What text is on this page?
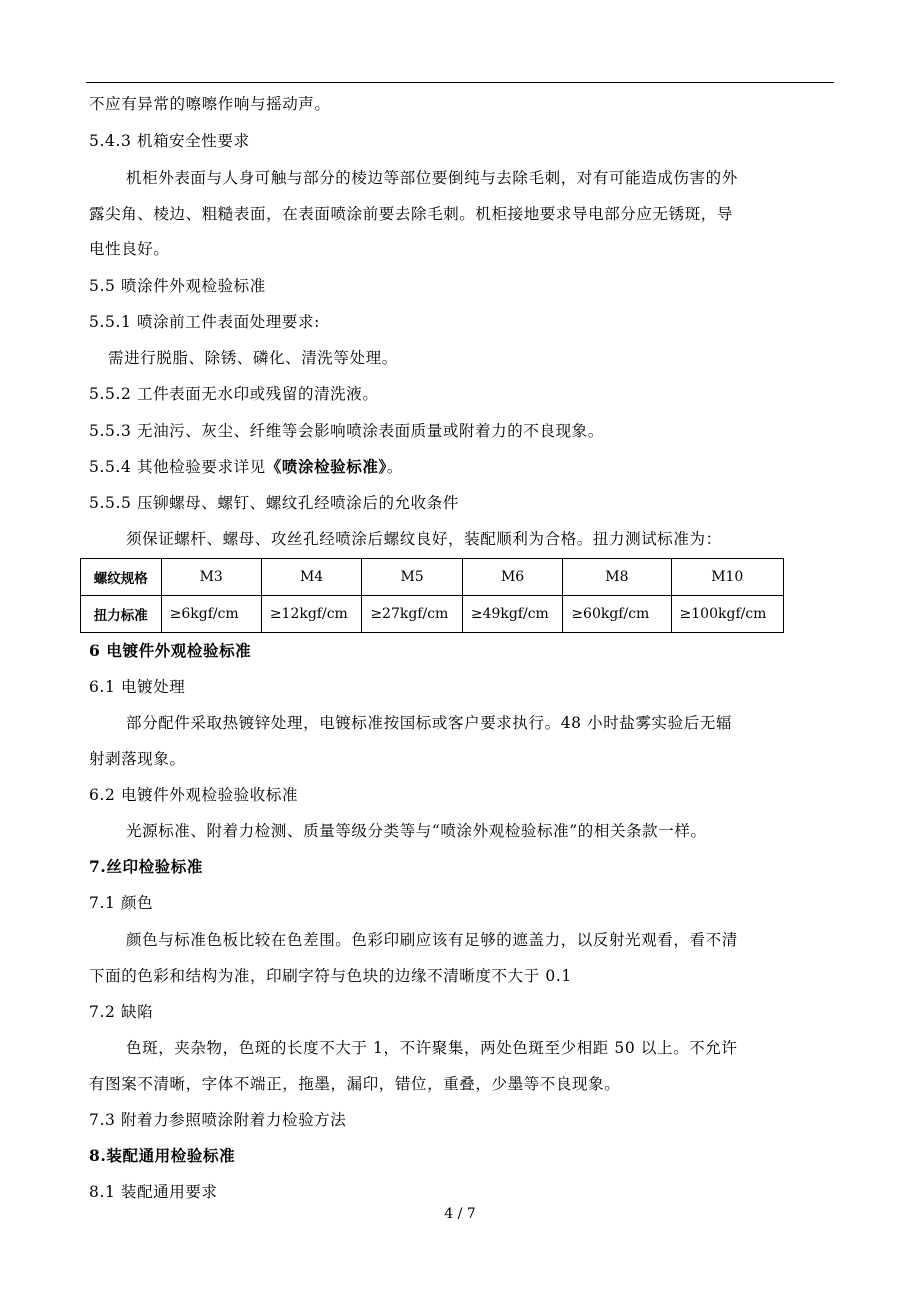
不应有异常的嚓嚓作响与摇动声。
5.4.3 机箱安全性要求
机柜外表面与人身可触与部分的棱边等部位要倒纯与去除毛刺，对有可能造成伤害的外
露尖角、棱边、粗糙表面，在表面喷涂前要去除毛刺。机柜接地要求导电部分应无锈斑，导
电性良好。
5.5 喷涂件外观检验标准
5.5.1 喷涂前工件表面处理要求:
需进行脱脂、除锈、磷化、清洗等处理。
5.5.2 工件表面无水印或残留的清洗液。
5.5.3 无油污、灰尘、纤维等会影响喷涂表面质量或附着力的不良现象。
5.5.4 其他检验要求详见《喷涂检验标准》。
5.5.5 压铆螺母、螺钉、螺纹孔经喷涂后的允收条件
须保证螺杆、螺母、攻丝孔经喷涂后螺纹良好，装配顺利为合格。扭力测试标准为：
螺纹规格	M3	M4	M5	M6	M8	M10
扭力标准	≥6kgf/cm	≥12kgf/cm	≥27kgf/cm	≥49kgf/cm	≥60kgf/cm	≥100kgf/cm
6 电镀件外观检验标准
6.1 电镀处理
部分配件采取热镀锌处理，电镀标准按国标或客户要求执行。48 小时盐雾实验后无辐
射剥落现象。
6.2 电镀件外观检验验收标准
光源标准、附着力检测、质量等级分类等与“喷涂外观检验标准”的相关条款一样。
7.丝印检验标准
7.1 颜色
颜色与标准色板比较在色差围。色彩印刷应该有足够的遮盖力，以反射光观看，看不清
下面的色彩和结构为准，印刷字符与色块的边缘不清晰度不大于 0.1
7.2 缺陷
色斑，夹杂物，色斑的长度不大于 1，不许聚集，两处色斑至少相距 50 以上。不允许
有图案不清晰，字体不端正，拖墨，漏印，错位，重叠，少墨等不良现象。
7.3 附着力参照喷涂附着力检验方法
8.装配通用检验标准
8.1 装配通用要求
4 / 7
